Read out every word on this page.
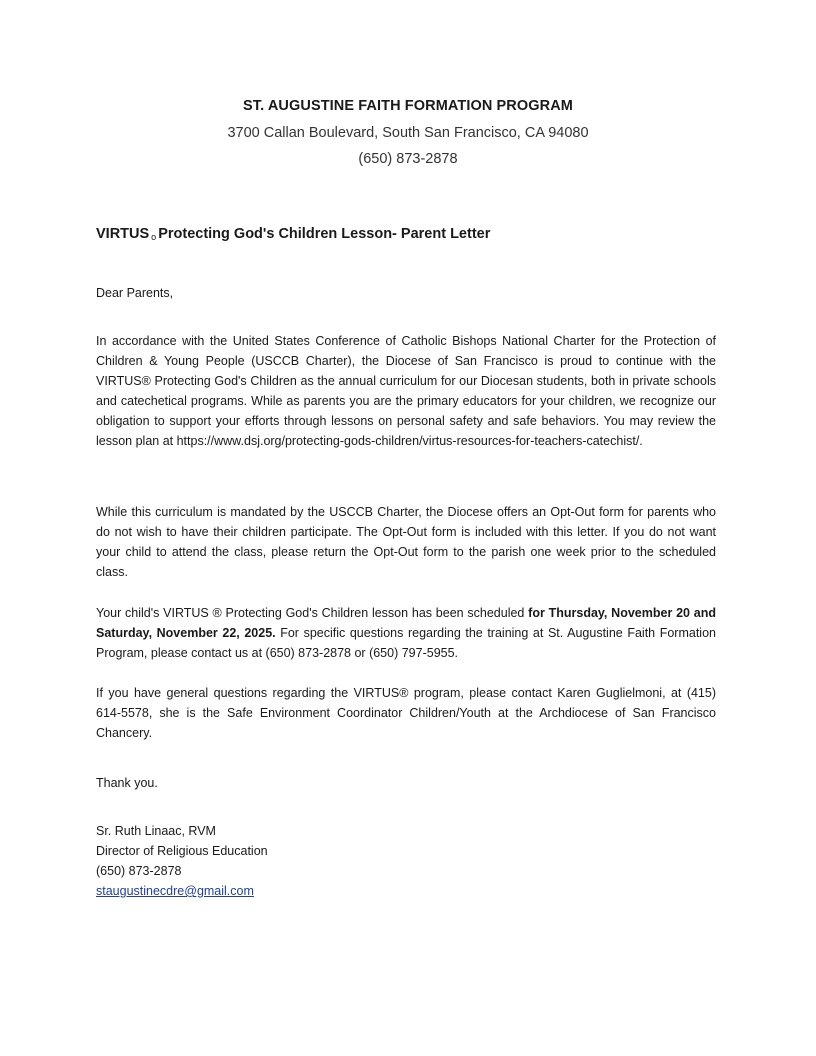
ST. AUGUSTINE FAITH FORMATION PROGRAM
3700 Callan Boulevard, South San Francisco, CA 94080
(650) 873-2878
VIRTUS o Protecting God's Children Lesson- Parent Letter
Dear Parents,

In accordance with the United States Conference of Catholic Bishops National Charter for the Protection of Children & Young People (USCCB Charter), the Diocese of San Francisco is proud to continue with the VIRTUS® Protecting God's Children as the annual curriculum for our Diocesan students, both in private schools and catechetical programs. While as parents you are the primary educators for your children, we recognize our obligation to support your efforts through lessons on personal safety and safe behaviors. You may review the lesson plan at https://www.dsj.org/protecting-gods-children/virtus-resources-for-teachers-catechist/.

While this curriculum is mandated by the USCCB Charter, the Diocese offers an Opt-Out form for parents who do not wish to have their children participate. The Opt-Out form is included with this letter. If you do not want your child to attend the class, please return the Opt-Out form to the parish one week prior to the scheduled class.

Your child's VIRTUS ® Protecting God's Children lesson has been scheduled for Thursday, November 20 and Saturday, November 22, 2025. For specific questions regarding the training at St. Augustine Faith Formation Program, please contact us at (650) 873-2878 or (650) 797-5955.

If you have general questions regarding the VIRTUS® program, please contact Karen Guglielmoni, at (415) 614-5578, she is the Safe Environment Coordinator Children/Youth at the Archdiocese of San Francisco Chancery.

Thank you.
Sr. Ruth Linaac, RVM
Director of Religious Education
(650) 873-2878
staugustinecdre@gmail.com
